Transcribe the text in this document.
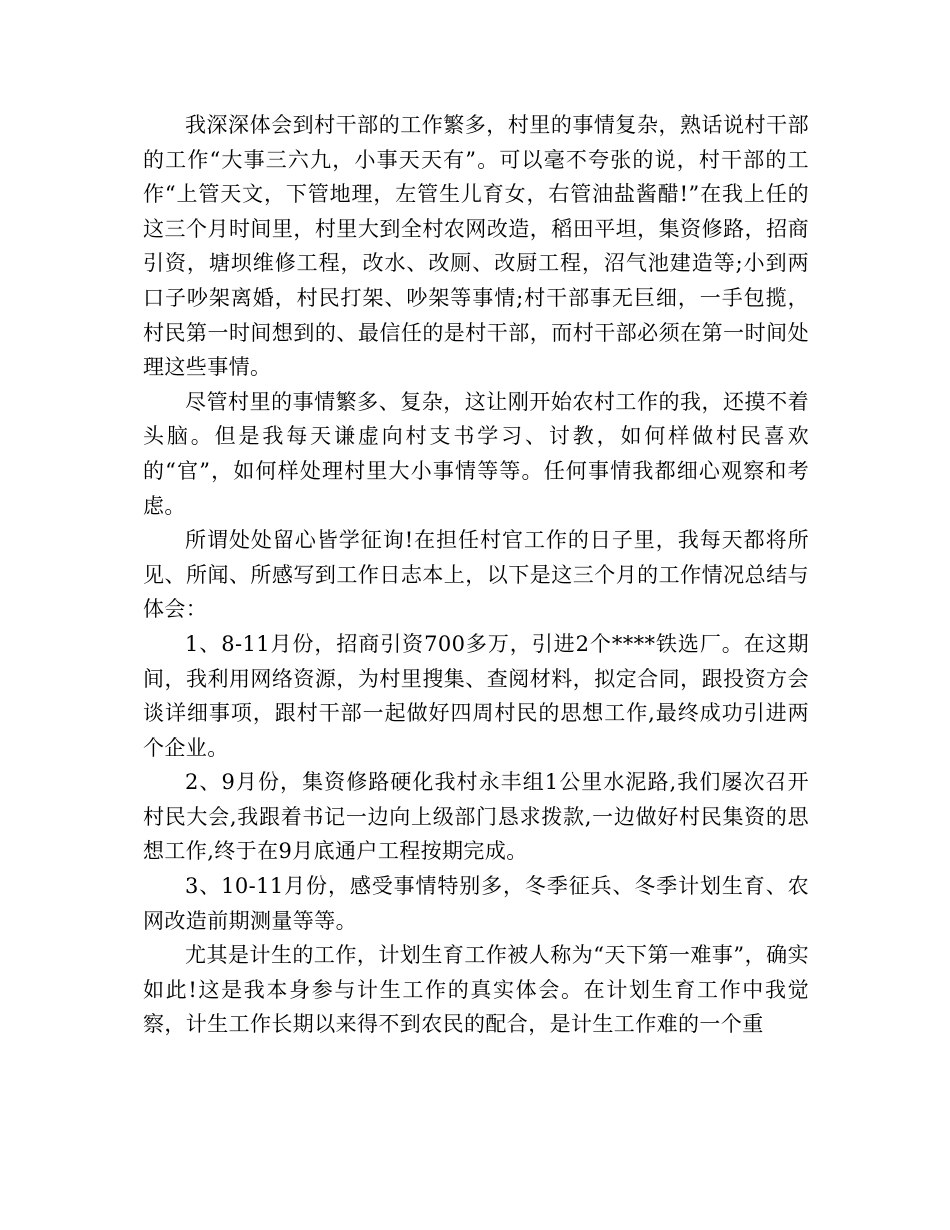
我深深体会到村干部的工作繁多，村里的事情复杂，熟话说村干部的工作“大事三六九，小事天天有”。可以毫不夸张的说，村干部的工作“上管天文，下管地理，左管生儿育女，右管油盐酱醋!”在我上任的这三个月时间里，村里大到全村农网改造，稻田平坦，集资修路，招商引资，塘坝维修工程，改水、改厕、改厨工程，沼气池建造等;小到两口子吵架离婚，村民打架、吵架等事情;村干部事无巨细，一手包揽，村民第一时间想到的、最信任的是村干部，而村干部必须在第一时间处理这些事情。

尽管村里的事情繁多、复杂，这让刚开始农村工作的我，还摸不着头脑。但是我每天谦虚向村支书学习、讨教，如何样做村民喜欢的“官”，如何样处理村里大小事情等等。任何事情我都细心观察和考虑。

所谓处处留心皆学征询!在担任村官工作的日子里，我每天都将所见、所闻、所感写到工作日志本上，以下是这三个月的工作情况总结与体会：

1、8-11月份，招商引资700多万，引进2个****铁选厂。在这期间，我利用网络资源，为村里搜集、查阅材料，拟定合同，跟投资方会谈详细事项，跟村干部一起做好四周村民的思想工作,最终成功引进两个企业。

2、9月份，集资修路硬化我村永丰组1公里水泥路,我们屡次召开村民大会,我跟着书记一边向上级部门恳求拨款,一边做好村民集资的思想工作,终于在9月底通户工程按期完成。

3、10-11月份，感受事情特别多，冬季征兵、冬季计划生育、农网改造前期测量等等。

尤其是计生的工作，计划生育工作被人称为“天下第一难事”，确实如此!这是我本身参与计生工作的真实体会。在计划生育工作中我觉察，计生工作长期以来得不到农民的配合，是计生工作难的一个重
